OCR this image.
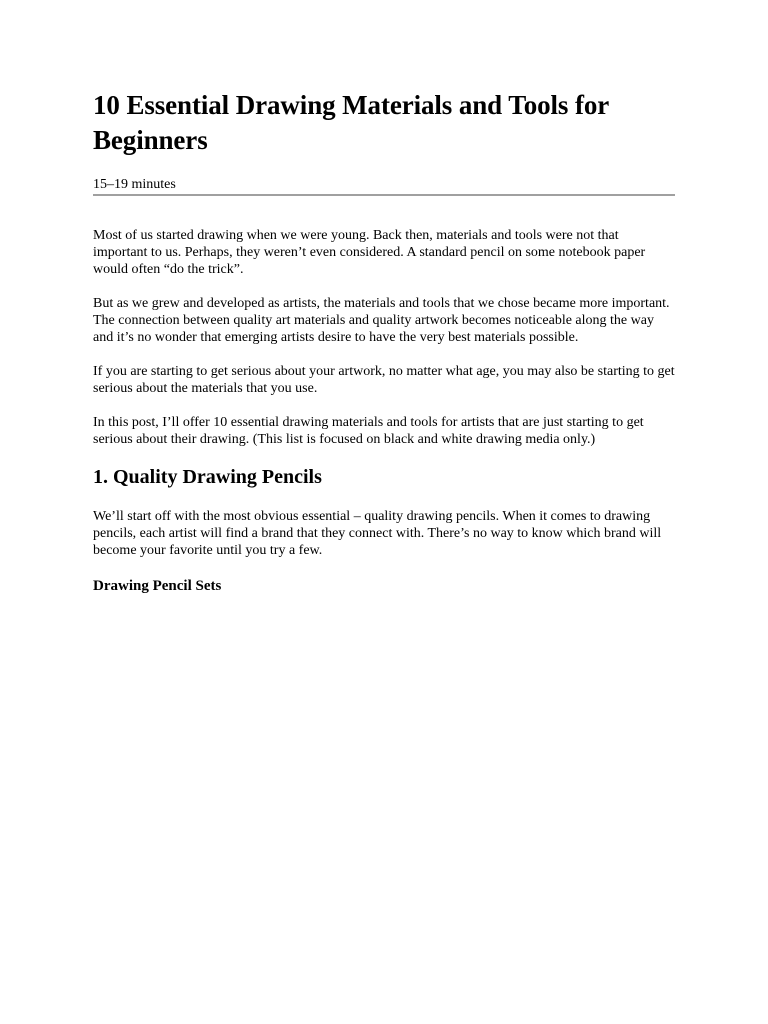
10 Essential Drawing Materials and Tools for Beginners
15–19 minutes

Most of us started drawing when we were young. Back then, materials and tools were not that important to us. Perhaps, they weren’t even considered. A standard pencil on some notebook paper would often “do the trick”.

But as we grew and developed as artists, the materials and tools that we chose became more important. The connection between quality art materials and quality artwork becomes noticeable along the way and it’s no wonder that emerging artists desire to have the very best materials possible.

If you are starting to get serious about your artwork, no matter what age, you may also be starting to get serious about the materials that you use.

In this post, I’ll offer 10 essential drawing materials and tools for artists that are just starting to get serious about their drawing. (This list is focused on black and white drawing media only.)

1. Quality Drawing Pencils

We’ll start off with the most obvious essential – quality drawing pencils. When it comes to drawing pencils, each artist will find a brand that they connect with. There’s no way to know which brand will become your favorite until you try a few.

Drawing Pencil Sets
